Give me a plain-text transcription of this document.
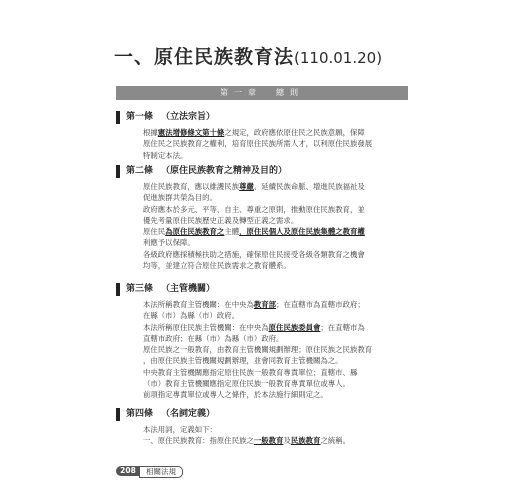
一、原住民族教育法(110.01.20)
第一章　總則
第一條 （立法宗旨）
根據憲法增修條文第十條之規定，政府應依原住民之民族意願，保障
原住民之民族教育之權利，培育原住民族所需人才，以利原住民族發展
特制定本法。
第二條 （原住民族教育之精神及目的）
原住民族教育，應以維護民族尊嚴、延續民族命脈、增進民族福祉及
促進族群共榮為目的。
政府應本於多元、平等、自主、尊重之原則，推動原住民族教育，並
優先考量原住民族歷史正義及轉型正義之需求。
原住民為原住民族教育之主體，原住民個人及原住民族集體之教育權
利應予以保障。
各級政府應採積極扶助之措施，確保原住民接受各級各類教育之機會
均等，並建立符合原住民族需求之教育體系。
第三條 （主管機關）
本法所稱教育主管機關：在中央為教育部；在直轄市為直轄市政府；
在縣（市）為縣（市）政府。
本法所稱原住民族主管機關：在中央為原住民族委員會；在直轄市為
直轄市政府；在縣（市）為縣（市）政府。
原住民族之一般教育，由教育主管機關規劃辦理；原住民族之民族教育
，由原住民族主管機關規劃辦理，並會同教育主管機關為之。
中央教育主管機關應指定原住民族一般教育專責單位；直轄市、縣
（市）教育主管機關應指定原住民族一般教育專責單位或專人。
前項指定專責單位或專人之條件，於本法施行細則定之。
第四條 （名詞定義）
本法用詞，定義如下：
一、原住民族教育：指原住民族之一般教育及民族教育之統稱。
208 相關法規
